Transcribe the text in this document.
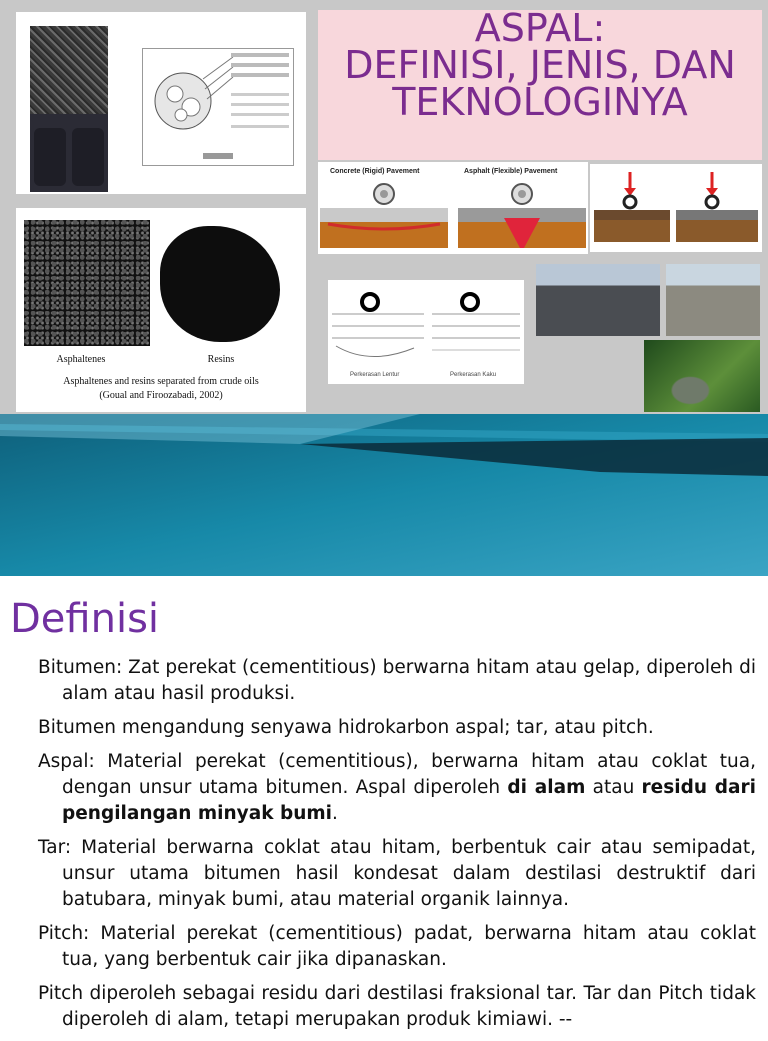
Asphaltenes	Resins
Asphaltenes and resins separated from crude oils
(Goual and Firoozabadi, 2002)
ASPAL:
DEFINISI, JENIS, DAN
TEKNOLOGINYA
Concrete (Rigid) Pavement	Asphalt (Flexible) Pavement
Perkerasan Lentur	Perkerasan Kaku
Definisi

Bitumen: Zat perekat (cementitious) berwarna hitam atau gelap, diperoleh di alam atau hasil produksi.

Bitumen mengandung senyawa hidrokarbon aspal; tar, atau pitch.

Aspal: Material perekat (cementitious), berwarna hitam atau coklat tua, dengan unsur utama bitumen. Aspal diperoleh di alam atau residu dari pengilangan minyak bumi.

Tar: Material berwarna coklat atau hitam, berbentuk cair atau semipadat, unsur utama bitumen hasil kondesat dalam destilasi destruktif dari batubara, minyak bumi, atau material organik lainnya.

Pitch: Material perekat (cementitious) padat, berwarna hitam atau coklat tua, yang berbentuk cair jika dipanaskan.

Pitch diperoleh sebagai residu dari destilasi fraksional tar. Tar dan Pitch tidak diperoleh di alam, tetapi merupakan produk kimiawi. --
